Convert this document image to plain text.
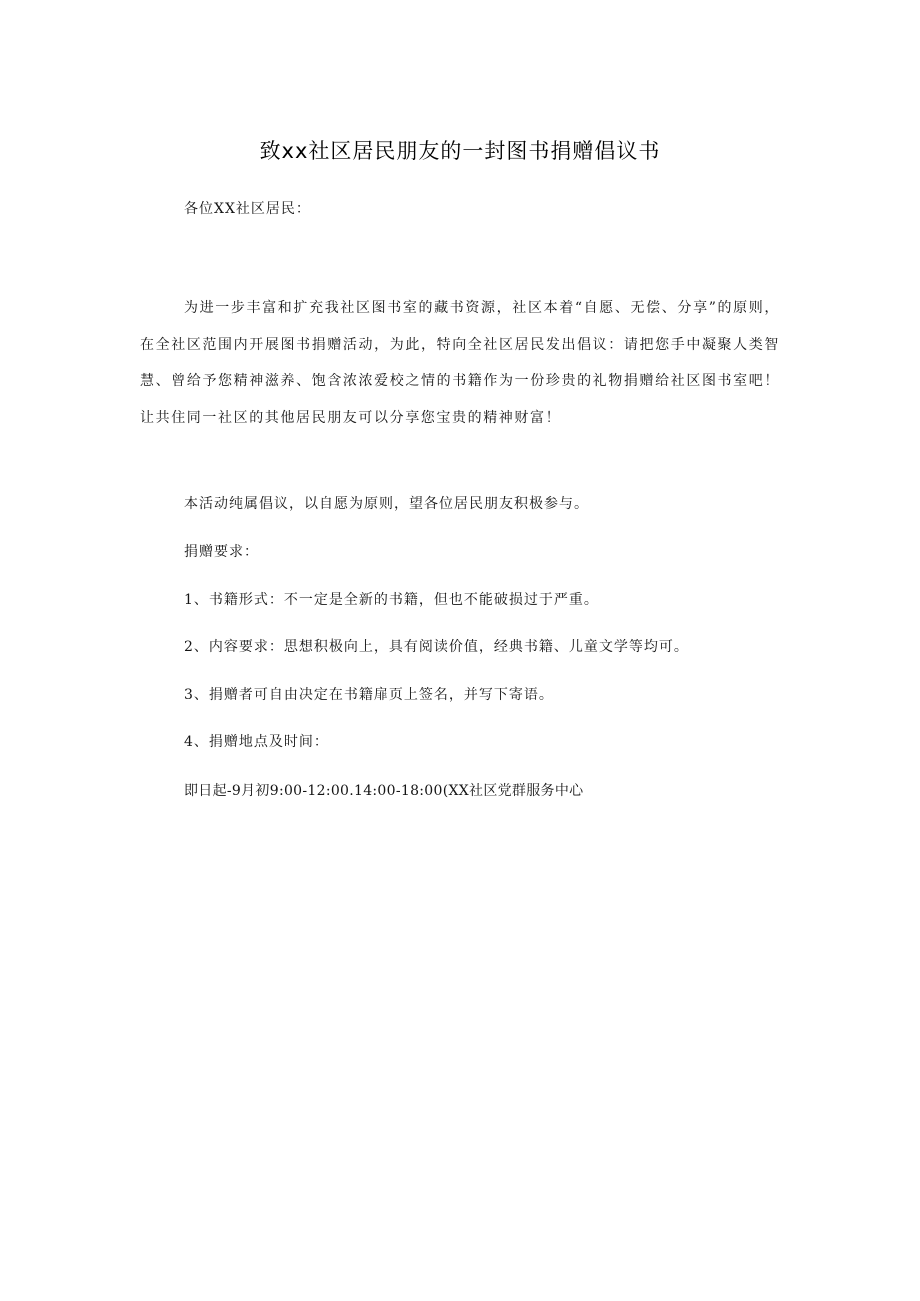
致xx社区居民朋友的一封图书捐赠倡议书
各位XX社区居民：
为进一步丰富和扩充我社区图书室的藏书资源，社区本着“自愿、无偿、分享”的原则，在全社区范围内开展图书捐赠活动，为此，特向全社区居民发出倡议：请把您手中凝聚人类智慧、曾给予您精神滋养、饱含浓浓爱校之情的书籍作为一份珍贵的礼物捐赠给社区图书室吧！让共住同一社区的其他居民朋友可以分享您宝贵的精神财富！
本活动纯属倡议，以自愿为原则，望各位居民朋友积极参与。
捐赠要求：
1、书籍形式：不一定是全新的书籍，但也不能破损过于严重。
2、内容要求：思想积极向上，具有阅读价值，经典书籍、儿童文学等均可。
3、捐赠者可自由决定在书籍扉页上签名，并写下寄语。
4、捐赠地点及时间：
即日起-9月初9:00-12:00.14:00-18:00(XX社区党群服务中心
